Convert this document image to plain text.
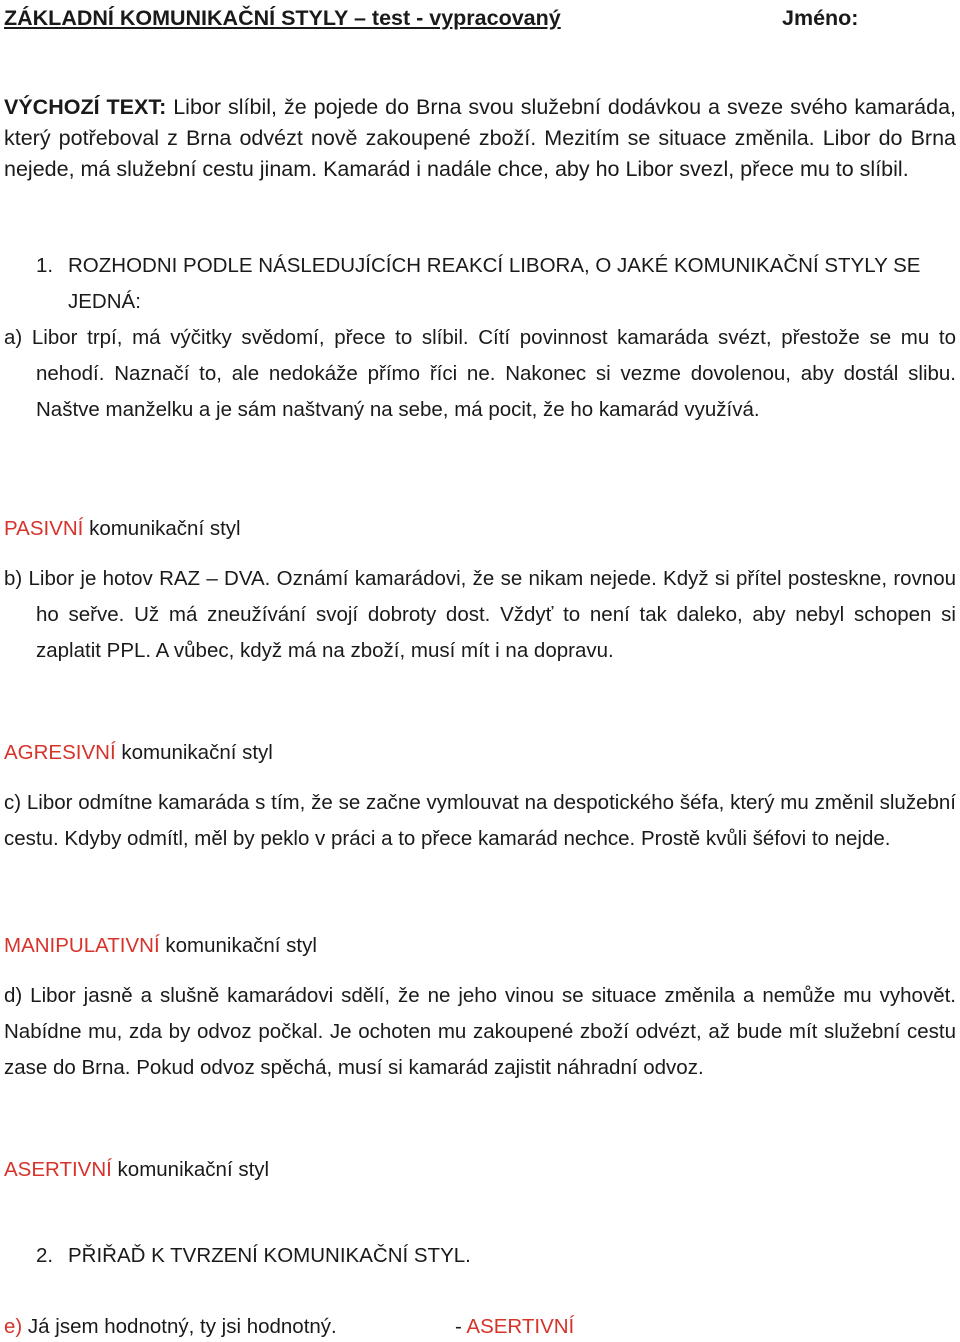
ZÁKLADNÍ KOMUNIKAČNÍ STYLY – test - vypracovaný	Jméno:

VÝCHOZÍ TEXT: Libor slíbil, že pojede do Brna svou služební dodávkou a sveze svého kamaráda, který potřeboval z Brna odvézt nově zakoupené zboží. Mezitím se situace změnila. Libor do Brna nejede, má služební cestu jinam. Kamarád i nadále chce, aby ho Libor svezl, přece mu to slíbil.

1. ROZHODNI PODLE NÁSLEDUJÍCÍCH REAKCÍ LIBORA, O JAKÉ KOMUNIKAČNÍ STYLY SE JEDNÁ:

a) Libor trpí, má výčitky svědomí, přece to slíbil. Cítí povinnost kamaráda svézt, přestože se mu to nehodí. Naznačí to, ale nedokáže přímo říci ne. Nakonec si vezme dovolenou, aby dostál slibu. Naštve manželku a je sám naštvaný na sebe, má pocit, že ho kamarád využívá.

PASIVNÍ komunikační styl

b) Libor je hotov RAZ – DVA. Oznámí kamarádovi, že se nikam nejede. Když si přítel posteskne, rovnou ho seřve. Už má zneužívání svojí dobroty dost. Vždyť to není tak daleko, aby nebyl schopen si zaplatit PPL. A vůbec, když má na zboží, musí mít i na dopravu.

AGRESIVNÍ komunikační styl

c) Libor odmítne kamaráda s tím, že se začne vymlouvat na despotického šéfa, který mu změnil služební cestu. Kdyby odmítl, měl by peklo v práci a to přece kamarád nechce. Prostě kvůli šéfovi to nejde.

MANIPULATIVNÍ komunikační styl

d) Libor jasně a slušně kamarádovi sdělí, že ne jeho vinou se situace změnila a nemůže mu vyhovět. Nabídne mu, zda by odvoz počkal. Je ochoten mu zakoupené zboží odvézt, až bude mít služební cestu zase do Brna. Pokud odvoz spěchá, musí si kamarád zajistit náhradní odvoz.

ASERTIVNÍ komunikační styl
2. PŘIŘAĎ K TVRZENÍ KOMUNIKAČNÍ STYL.
e) Já jsem hodnotný, ty jsi hodnotný.	- ASERTIVNÍ
